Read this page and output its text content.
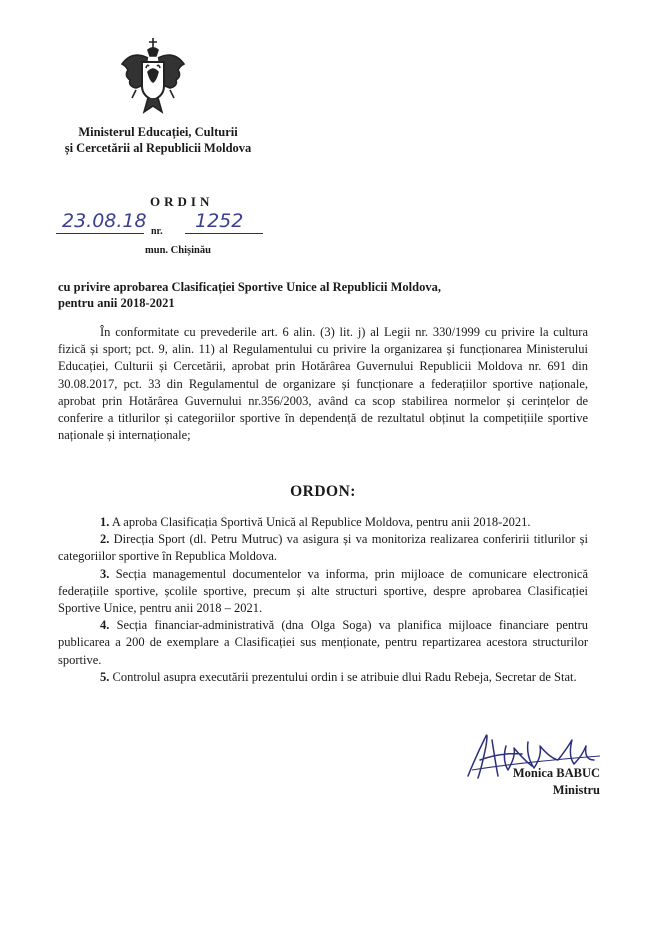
Ministerul Educației, Culturii
și Cercetării al Republicii Moldova
ORDIN
23.08.18 nr. 1252
mun. Chișinău
cu privire aprobarea Clasificației Sportive Unice al Republicii Moldova,
pentru anii 2018-2021

În conformitate cu prevederile art. 6 alin. (3) lit. j) al Legii nr. 330/1999 cu privire la cultura fizică și sport; pct. 9, alin. 11) al Regulamentului cu privire la organizarea și funcționarea Ministerului Educației, Culturii și Cercetării, aprobat prin Hotărârea Guvernului Republicii Moldova nr. 691 din 30.08.2017, pct. 33 din Regulamentul de organizare și funcționare a federațiilor sportive naționale, aprobat prin Hotărârea Guvernului nr.356/2003, având ca scop stabilirea normelor și cerințelor de conferire a titlurilor și categoriilor sportive în dependență de rezultatul obținut la competițiile sportive naționale și internaționale;

ORDON:

1. A aproba Clasificația Sportivă Unică al Republice Moldova, pentru anii 2018-2021.

2. Direcția Sport (dl. Petru Mutruc) va asigura și va monitoriza realizarea conferirii titlurilor și categoriilor sportive în Republica Moldova.

3. Secția managementul documentelor va informa, prin mijloace de comunicare electronică federațiile sportive, școlile sportive, precum și alte structuri sportive, despre aprobarea Clasificației Sportive Unice, pentru anii 2018 – 2021.

4. Secția financiar-administrativă (dna Olga Soga) va planifica mijloace financiare pentru publicarea a 200 de exemplare a Clasificației sus menționate, pentru repartizarea acestora structurilor sportive.

5. Controlul asupra executării prezentului ordin i se atribuie dlui Radu Rebeja, Secretar de Stat.

Monica BABUC
Ministru
